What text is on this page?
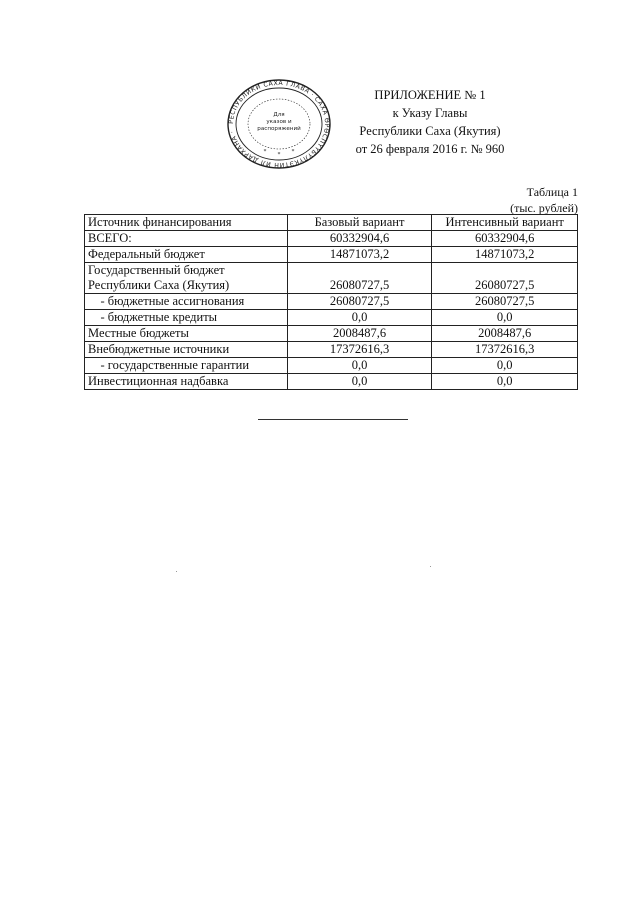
РЕСПУБЛИКИ САХА ГЛАВА · САХА ӨРӨСПҮҮБҮЛҮКЭТИН ИЛ ДАРХАНА ·
Для
указов и
распоряжений
* * *
ПРИЛОЖЕНИЕ № 1
к Указу Главы
Республики Саха (Якутия)
от 26 февраля 2016 г. № 960
Таблица 1
(тыс. рублей)
Источник финансирования	Базовый вариант	Интенсивный вариант
ВСЕГО:	60332904,6	60332904,6
Федеральный бюджет	14871073,2	14871073,2

Государственный бюджет
Республики Саха (Якутия)	26080727,5	26080727,5
- бюджетные ассигнования	26080727,5	26080727,5
- бюджетные кредиты	0,0	0,0
Местные бюджеты	2008487,6	2008487,6
Внебюджетные источники	17372616,3	17372616,3
- государственные гарантии	0,0	0,0
Инвестиционная надбавка	0,0	0,0
